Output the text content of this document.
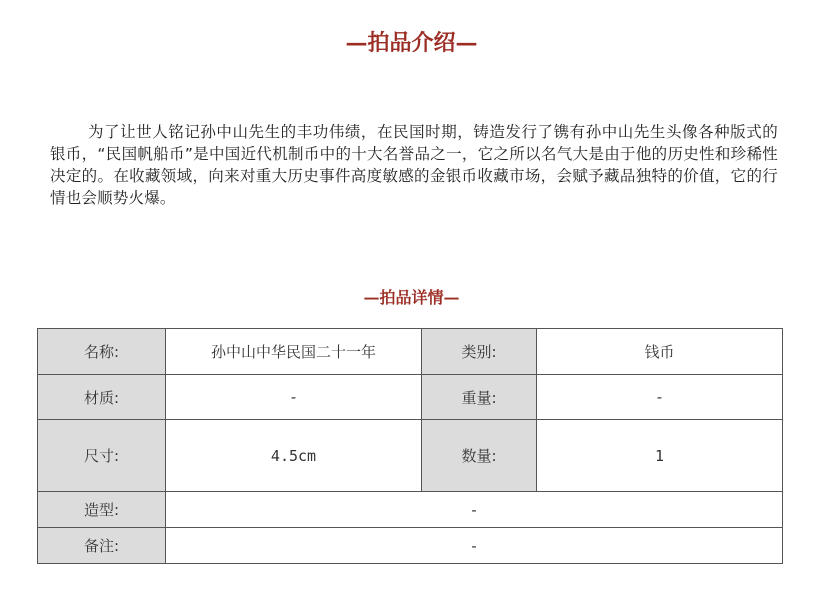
—拍品介绍—

为了让世人铭记孙中山先生的丰功伟绩，在民国时期，铸造发行了镌有孙中山先生头像各种版式的银币，“民国帆船币”是中国近代机制币中的十大名誉品之一，它之所以名气大是由于他的历史性和珍稀性决定的。在收藏领域，向来对重大历史事件高度敏感的金银币收藏市场，会赋予藏品独特的价值，它的行情也会顺势火爆。

—拍品详情—
名称:	孙中山中华民国二十一年	类别:	钱币
材质:	-	重量:	-
尺寸:	4.5cm	数量:	1
造型:	-		
备注:	-		
